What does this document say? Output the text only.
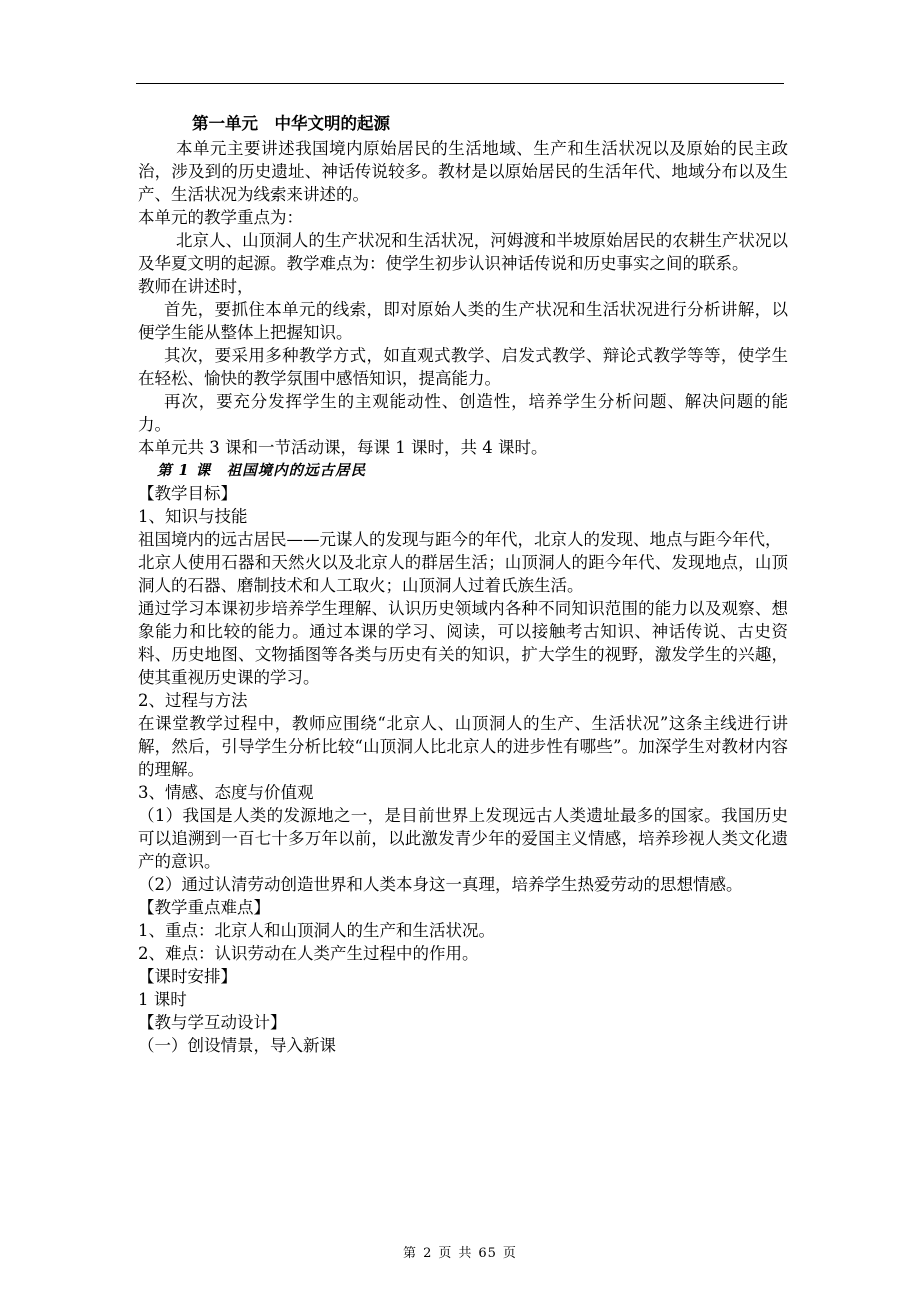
第一单元　中华文明的起源

本单元主要讲述我国境内原始居民的生活地域、生产和生活状况以及原始的民主政治，涉及到的历史遗址、神话传说较多。教材是以原始居民的生活年代、地域分布以及生产、生活状况为线索来讲述的。

本单元的教学重点为：

北京人、山顶洞人的生产状况和生活状况，河姆渡和半坡原始居民的农耕生产状况以及华夏文明的起源。教学难点为：使学生初步认识神话传说和历史事实之间的联系。

教师在讲述时，

首先，要抓住本单元的线索，即对原始人类的生产状况和生活状况进行分析讲解，以便学生能从整体上把握知识。

其次，要采用多种教学方式，如直观式教学、启发式教学、辩论式教学等等，使学生在轻松、愉快的教学氛围中感悟知识，提高能力。

再次，要充分发挥学生的主观能动性、创造性，培养学生分析问题、解决问题的能力。

本单元共 3 课和一节活动课，每课 1 课时，共 4 课时。

第 1 课　祖国境内的远古居民

【教学目标】

1、知识与技能

祖国境内的远古居民——元谋人的发现与距今的年代，北京人的发现、地点与距今年代，

北京人使用石器和天然火以及北京人的群居生活；山顶洞人的距今年代、发现地点，山顶洞人的石器、磨制技术和人工取火；山顶洞人过着氏族生活。

通过学习本课初步培养学生理解、认识历史领域内各种不同知识范围的能力以及观察、想象能力和比较的能力。通过本课的学习、阅读，可以接触考古知识、神话传说、古史资料、历史地图、文物插图等各类与历史有关的知识，扩大学生的视野，激发学生的兴趣，使其重视历史课的学习。

2、过程与方法

在课堂教学过程中，教师应围绕“北京人、山顶洞人的生产、生活状况”这条主线进行讲解，然后，引导学生分析比较“山顶洞人比北京人的进步性有哪些”。加深学生对教材内容的理解。

3、情感、态度与价值观

（1）我国是人类的发源地之一，是目前世界上发现远古人类遗址最多的国家。我国历史可以追溯到一百七十多万年以前，以此激发青少年的爱国主义情感，培养珍视人类文化遗产的意识。

（2）通过认清劳动创造世界和人类本身这一真理，培养学生热爱劳动的思想情感。

【教学重点难点】

1、重点：北京人和山顶洞人的生产和生活状况。

2、难点：认识劳动在人类产生过程中的作用。

【课时安排】

1 课时

【教与学互动设计】

（一）创设情景，导入新课

第 2 页 共 65 页
